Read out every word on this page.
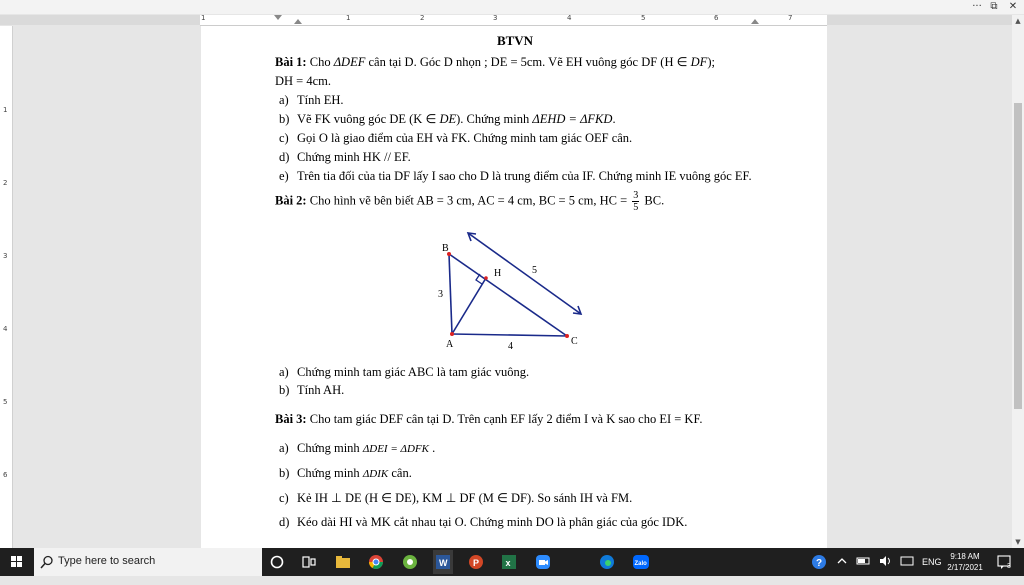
··· ⧉	✕
1	1	2	3	4	5	6	7
1
2
3
4
5
6
▲
▼
BTVN

Bài 1: Cho ΔDEF cân tại D. Góc D nhọn ; DE = 5cm. Vẽ EH vuông góc DF (H ∈ DF);

DH = 4cm.

a) Tính EH.

b) Vẽ FK vuông góc DE (K ∈ DE). Chứng minh ΔEHD = ΔFKD.

c) Gọi O là giao điểm của EH và FK. Chứng minh tam giác OEF cân.

d) Chứng minh HK // EF.

e) Trên tia đối của tia DF lấy I sao cho D là trung điểm của IF. Chứng minh IE vuông góc EF.

Bài 2: Cho hình vẽ bên biết AB = 3 cm, AC = 4 cm, BC = 5 cm, HC = $\frac{3}{5}$ BC.

B
A	C
H
3
4
5

a) Chứng minh tam giác ABC là tam giác vuông.

b) Tính AH.

Bài 3: Cho tam giác DEF cân tại D. Trên cạnh EF lấy 2 điểm I và K sao cho EI = KF.

a) Chứng minh ΔDEI = ΔDFK .

b) Chứng minh ΔDIK cân.

c) Kẻ IH ⊥ DE (H ∈ DE), KM ⊥ DF (M ∈ DF). So sánh IH và FM.

d) Kéo dài HI và MK cắt nhau tại O. Chứng minh DO là phân giác của góc IDK.

Type here to search	W	P	x	Zalo	?	ENG
9:18 AM
2/17/2021	3
